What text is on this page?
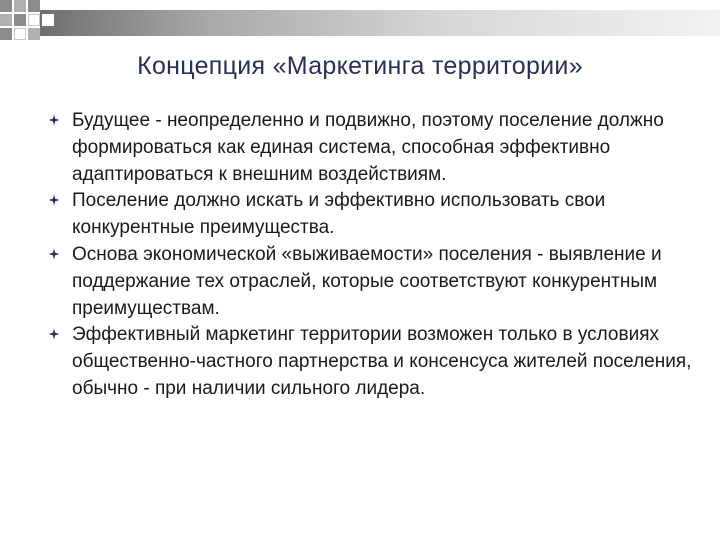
Концепция «Маркетинга территории»
Будущее - неопределенно и подвижно, поэтому поселение должно формироваться как единая система, способная эффективно адаптироваться к внешним воздействиям.
Поселение должно искать и эффективно использовать свои конкурентные преимущества.
Основа экономической «выживаемости» поселения - выявление и поддержание тех отраслей, которые соответствуют конкурентным преимуществам.
Эффективный маркетинг территории возможен только в условиях общественно-частного партнерства и консенсуса жителей поселения, обычно - при наличии сильного лидера.
